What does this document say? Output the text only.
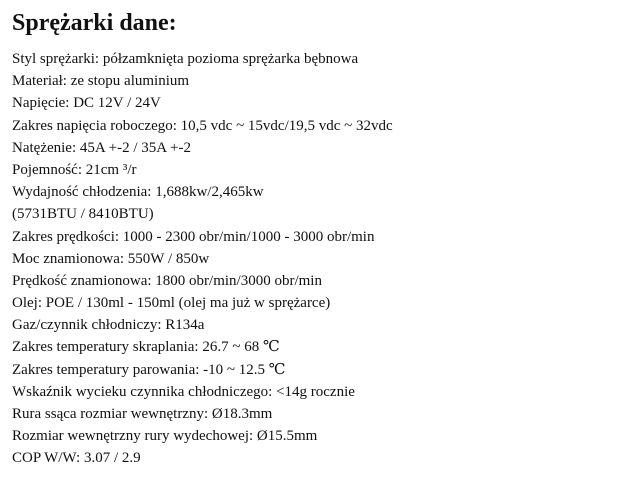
Sprężarki dane:
Styl sprężarki: półzamknięta pozioma sprężarka bębnowa
Materiał: ze stopu aluminium
Napięcie: DC 12V / 24V
Zakres napięcia roboczego: 10,5 vdc ~ 15vdc/19,5 vdc ~ 32vdc
Natężenie: 45A +-2 / 35A +-2
Pojemność: 21cm ³/r
Wydajność chłodzenia: 1,688kw/2,465kw
(5731BTU / 8410BTU)
Zakres prędkości: 1000 - 2300 obr/min/1000 - 3000 obr/min
Moc znamionowa: 550W / 850w
Prędkość znamionowa: 1800 obr/min/3000 obr/min
Olej: POE / 130ml - 150ml (olej ma już w sprężarce)
Gaz/czynnik chłodniczy: R134a
Zakres temperatury skraplania: 26.7 ~ 68 ℃
Zakres temperatury parowania: -10 ~ 12.5 ℃
Wskaźnik wycieku czynnika chłodniczego: <14g rocznie
Rura ssąca rozmiar wewnętrzny: Ø18.3mm
Rozmiar wewnętrzny rury wydechowej: Ø15.5mm
COP W/W: 3.07 / 2.9
